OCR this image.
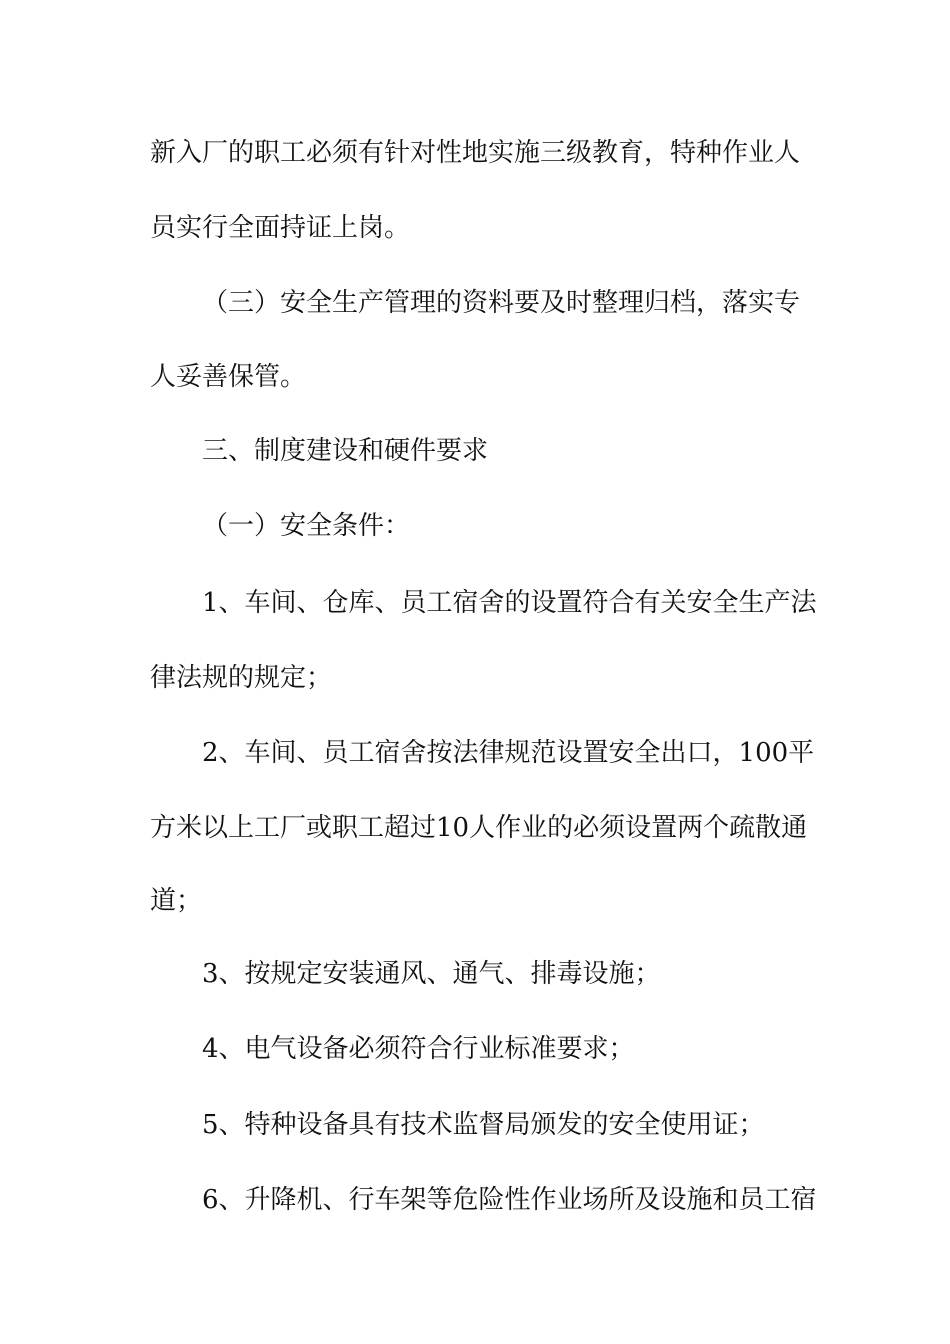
新入厂的职工必须有针对性地实施三级教育，特种作业人
员实行全面持证上岗。
（三）安全生产管理的资料要及时整理归档，落实专
人妥善保管。
三、制度建设和硬件要求
（一）安全条件：
1、车间、仓库、员工宿舍的设置符合有关安全生产法
律法规的规定；
2、车间、员工宿舍按法律规范设置安全出口，100平
方米以上工厂或职工超过10人作业的必须设置两个疏散通
道；
3、按规定安装通风、通气、排毒设施；
4、电气设备必须符合行业标准要求；
5、特种设备具有技术监督局颁发的安全使用证；
6、升降机、行车架等危险性作业场所及设施和员工宿
